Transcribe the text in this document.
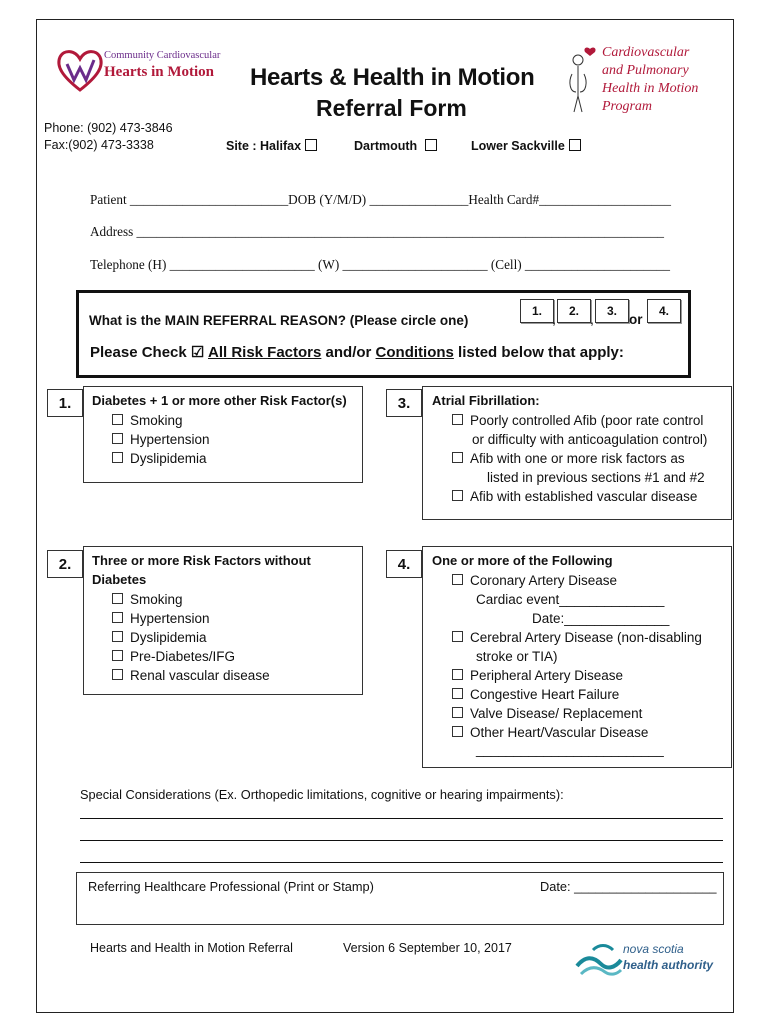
Community Cardiovascular
Hearts in Motion Hearts & Health in Motion
Referral Form
Cardiovascular
and Pulmonary
Health in Motion
Program
Phone: (902) 473-3846
Fax:(902) 473-3338	Site : Halifax	Dartmouth	Lower Sackville
Patient ________________________DOB (Y/M/D) _______________Health Card#____________________
Address ________________________________________________________________________________
Telephone (H) ______________________ (W) ______________________ (Cell) ______________________
What is the MAIN REFERRAL REASON? (Please circle one)
1. ,	2. ,	3.
or
4.
Please Check ☑ All Risk Factors and/or Conditions listed below that apply:
1.	Diabetes + 1 or more other Risk Factor(s)
Smoking
Hypertension
Dyslipidemia
3.	Atrial Fibrillation:
Poorly controlled Afib (poor rate control
or difficulty with anticoagulation control)
Afib with one or more risk factors as
listed in previous sections #1 and #2
Afib with established vascular disease
2.	Three or more Risk Factors without
Diabetes
Smoking
Hypertension
Dyslipidemia
Pre-Diabetes/IFG
Renal vascular disease
4.	One or more of the Following
Coronary Artery Disease
Cardiac event______________
Date:______________
Cerebral Artery Disease (non-disabling
stroke or TIA)
Peripheral Artery Disease
Congestive Heart Failure
Valve Disease/ Replacement
Other Heart/Vascular Disease
_________________________
Special Considerations (Ex. Orthopedic limitations, cognitive or hearing impairments):
Referring Healthcare Professional (Print or Stamp)	Date: ____________________
Hearts and Health in Motion Referral	Version 6 September 10, 2017	nova scotia
health authority
